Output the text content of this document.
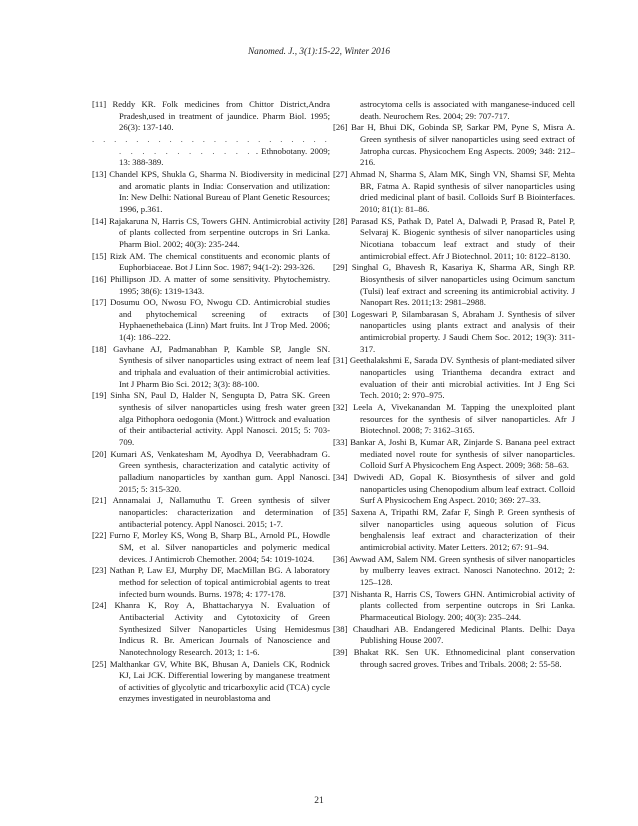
Nanomed. J., 3(1):15-22, Winter 2016

[11] Reddy KR. Folk medicines from Chittor District,Andra Pradesh,used in treatment of jaundice. Pharm Biol. 1995; 26(3): 137-140.

. . . . . . . . . . . . . . . . . . . . . . . . . . . . . . . . . . . Ethnobotany. 2009; 13: 388-389.

[13] Chandel KPS, Shukla G, Sharma N. Biodiversity in medicinal and aromatic plants in India: Conservation and utilization: In: New Delhi: National Bureau of Plant Genetic Resources; 1996, p.361.

[14] Rajakaruna N, Harris CS, Towers GHN. Antimicrobial activity of plants collected from serpentine outcrops in Sri Lanka. Pharm Biol. 2002; 40(3): 235-244.

[15] Rizk AM. The chemical constituents and economic plants of Euphorbiaceae. Bot J Linn Soc. 1987; 94(1-2): 293-326.

[16] Phillipson JD. A matter of some sensitivity. Phytochemistry. 1995; 38(6): 1319-1343.

[17] Dosumu OO, Nwosu FO, Nwogu CD. Antimicrobial studies and phytochemical screening of extracts of Hyphaenethebaica (Linn) Mart fruits. Int J Trop Med. 2006; 1(4): 186–222.

[18] Gavhane AJ, Padmanabhan P, Kamble SP, Jangle SN. Synthesis of silver nanoparticles using extract of neem leaf and triphala and evaluation of their antimicrobial activities. Int J Pharm Bio Sci. 2012; 3(3): 88-100.

[19] Sinha SN, Paul D, Halder N, Sengupta D, Patra SK. Green synthesis of silver nanoparticles using fresh water green alga Pithophora oedogonia (Mont.) Wittrock and evaluation of their antibacterial activity. Appl Nanosci. 2015; 5: 703-709.

[20] Kumari AS, Venkatesham M, Ayodhya D, Veerabhadram G. Green synthesis, characterization and catalytic activity of palladium nanoparticles by xanthan gum. Appl Nanosci. 2015; 5: 315-320.

[21] Annamalai J, Nallamuthu T. Green synthesis of silver nanoparticles: characterization and determination of antibacterial potency. Appl Nanosci. 2015; 1-7.

[22] Furno F, Morley KS, Wong B, Sharp BL, Arnold PL, Howdle SM, et al. Silver nanoparticles and polymeric medical devices. J Antimicrob Chemother. 2004; 54: 1019-1024.

[23] Nathan P, Law EJ, Murphy DF, MacMillan BG. A laboratory method for selection of topical antimicrobial agents to treat infected burn wounds. Burns. 1978; 4: 177-178.

[24] Khanra K, Roy A, Bhattacharyya N. Evaluation of Antibacterial Activity and Cytotoxicity of Green Synthesized Silver Nanoparticles Using Hemidesmus Indicus R. Br. American Journals of Nanoscience and Nanotechnology Research. 2013; 1: 1-6.

[25] Malthankar GV, White BK, Bhusan A, Daniels CK, Rodnick KJ, Lai JCK. Differential lowering by manganese treatment of activities of glycolytic and tricarboxylic acid (TCA) cycle enzymes investigated in neuroblastoma and

astrocytoma cells is associated with manganese-induced cell death. Neurochem Res. 2004; 29: 707-717.

[26] Bar H, Bhui DK, Gobinda SP, Sarkar PM, Pyne S, Misra A. Green synthesis of silver nanoparticles using seed extract of Jatropha curcas. Physicochem Eng Aspects. 2009; 348: 212–216.

[27] Ahmad N, Sharma S, Alam MK, Singh VN, Shamsi SF, Mehta BR, Fatma A. Rapid synthesis of silver nanoparticles using dried medicinal plant of basil. Colloids Surf B Biointerfaces. 2010; 81(1): 81–86.

[28] Parasad KS, Pathak D, Patel A, Dalwadi P, Prasad R, Patel P, Selvaraj K. Biogenic synthesis of silver nanoparticles using Nicotiana tobaccum leaf extract and study of their antimicrobial effect. Afr J Biotechnol. 2011; 10: 8122–8130.

[29] Singhal G, Bhavesh R, Kasariya K, Sharma AR, Singh RP. Biosynthesis of silver nanoparticles using Ocimum sanctum (Tulsi) leaf extract and screening its antimicrobial activity. J Nanopart Res. 2011;13: 2981–2988.

[30] Logeswari P, Silambarasan S, Abraham J. Synthesis of silver nanoparticles using plants extract and analysis of their antimicrobial property. J Saudi Chem Soc. 2012; 19(3): 311-317.

[31] Geethalakshmi E, Sarada DV. Synthesis of plant-mediated silver nanoparticles using Trianthema decandra extract and evaluation of their anti microbial activities. Int J Eng Sci Tech. 2010; 2: 970–975.

[32] Leela A, Vivekanandan M. Tapping the unexploited plant resources for the synthesis of silver nanoparticles. Afr J Biotechnol. 2008; 7: 3162–3165.

[33] Bankar A, Joshi B, Kumar AR, Zinjarde S. Banana peel extract mediated novel route for synthesis of silver nanoparticles. Colloid Surf A Physicochem Eng Aspect. 2009; 368: 58–63.

[34] Dwivedi AD, Gopal K. Biosynthesis of silver and gold nanoparticles using Chenopodium album leaf extract. Colloid Surf A Physicochem Eng Aspect. 2010; 369: 27–33.

[35] Saxena A, Tripathi RM, Zafar F, Singh P. Green synthesis of silver nanoparticles using aqueous solution of Ficus benghalensis leaf extract and characterization of their antimicrobial activity. Mater Letters. 2012; 67: 91–94.

[36] Awwad AM, Salem NM. Green synthesis of silver nanoparticles by mulberry leaves extract. Nanosci Nanotechno. 2012; 2: 125–128.

[37] Nishanta R, Harris CS, Towers GHN. Antimicrobial activity of plants collected from serpentine outcrops in Sri Lanka. Pharmaceutical Biology. 200; 40(3): 235–244.

[38] Chaudhari AB. Endangered Medicinal Plants. Delhi: Daya Publishing House 2007.

[39] Bhakat RK. Sen UK. Ethnomedicinal plant conservation through sacred groves. Tribes and Tribals. 2008; 2: 55-58.

21
